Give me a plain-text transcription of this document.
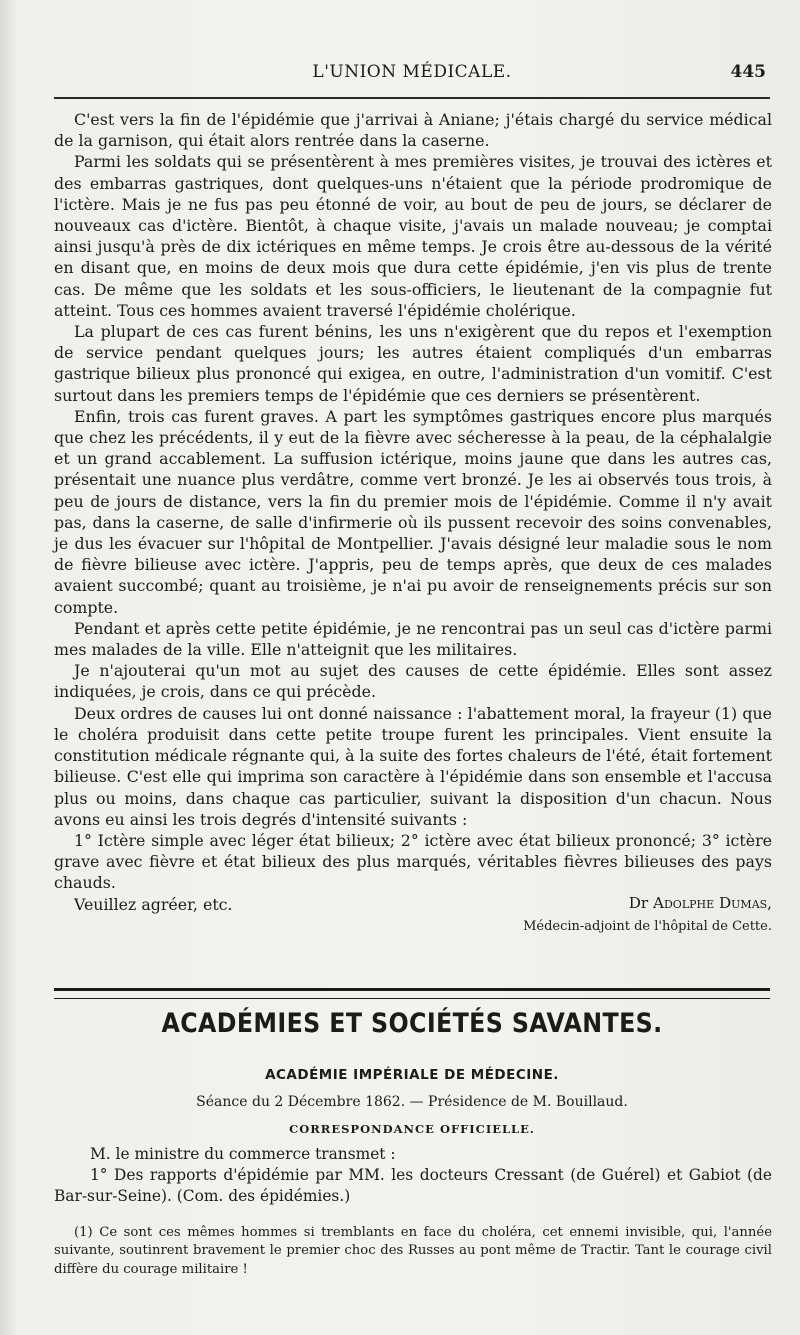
L'UNION MÉDICALE.	445

C'est vers la fin de l'épidémie que j'arrivai à Aniane; j'étais chargé du service médical de la garnison, qui était alors rentrée dans la caserne.

Parmi les soldats qui se présentèrent à mes premières visites, je trouvai des ictères et des embarras gastriques, dont quelques-uns n'étaient que la période prodromique de l'ictère. Mais je ne fus pas peu étonné de voir, au bout de peu de jours, se déclarer de nouveaux cas d'ictère. Bientôt, à chaque visite, j'avais un malade nouveau; je comptai ainsi jusqu'à près de dix ictériques en même temps. Je crois être au-dessous de la vérité en disant que, en moins de deux mois que dura cette épidémie, j'en vis plus de trente cas. De même que les soldats et les sous-officiers, le lieutenant de la compagnie fut atteint. Tous ces hommes avaient traversé l'épidémie cholérique.

La plupart de ces cas furent bénins, les uns n'exigèrent que du repos et l'exemption de service pendant quelques jours; les autres étaient compliqués d'un embarras gastrique bilieux plus prononcé qui exigea, en outre, l'administration d'un vomitif. C'est surtout dans les premiers temps de l'épidémie que ces derniers se présentèrent.

Enfin, trois cas furent graves. A part les symptômes gastriques encore plus marqués que chez les précédents, il y eut de la fièvre avec sécheresse à la peau, de la céphalalgie et un grand accablement. La suffusion ictérique, moins jaune que dans les autres cas, présentait une nuance plus verdâtre, comme vert bronzé. Je les ai observés tous trois, à peu de jours de distance, vers la fin du premier mois de l'épidémie. Comme il n'y avait pas, dans la caserne, de salle d'infirmerie où ils pussent recevoir des soins convenables, je dus les évacuer sur l'hôpital de Montpellier. J'avais désigné leur maladie sous le nom de fièvre bilieuse avec ictère. J'appris, peu de temps après, que deux de ces malades avaient succombé; quant au troisième, je n'ai pu avoir de renseignements précis sur son compte.

Pendant et après cette petite épidémie, je ne rencontrai pas un seul cas d'ictère parmi mes malades de la ville. Elle n'atteignit que les militaires.

Je n'ajouterai qu'un mot au sujet des causes de cette épidémie. Elles sont assez indiquées, je crois, dans ce qui précède.

Deux ordres de causes lui ont donné naissance : l'abattement moral, la frayeur (1) que le choléra produisit dans cette petite troupe furent les principales. Vient ensuite la constitution médicale régnante qui, à la suite des fortes chaleurs de l'été, était fortement bilieuse. C'est elle qui imprima son caractère à l'épidémie dans son ensemble et l'accusa plus ou moins, dans chaque cas particulier, suivant la disposition d'un chacun. Nous avons eu ainsi les trois degrés d'intensité suivants :

1° Ictère simple avec léger état bilieux; 2° ictère avec état bilieux prononcé; 3° ictère grave avec fièvre et état bilieux des plus marqués, véritables fièvres bilieuses des pays chauds.

Veuillez agréer, etc.	Dr Adolphe Dumas,
Médecin-adjoint de l'hôpital de Cette.
ACADÉMIES ET SOCIÉTÉS SAVANTES.
ACADÉMIE IMPÉRIALE DE MÉDECINE.
Séance du 2 Décembre 1862. — Présidence de M. Bouillaud.
CORRESPONDANCE OFFICIELLE.

M. le ministre du commerce transmet :

1° Des rapports d'épidémie par MM. les docteurs Cressant (de Guérel) et Gabiot (de Bar-sur-Seine). (Com. des épidémies.)

(1) Ce sont ces mêmes hommes si tremblants en face du choléra, cet ennemi invisible, qui, l'année suivante, soutinrent bravement le premier choc des Russes au pont même de Tractir. Tant le courage civil diffère du courage militaire !
